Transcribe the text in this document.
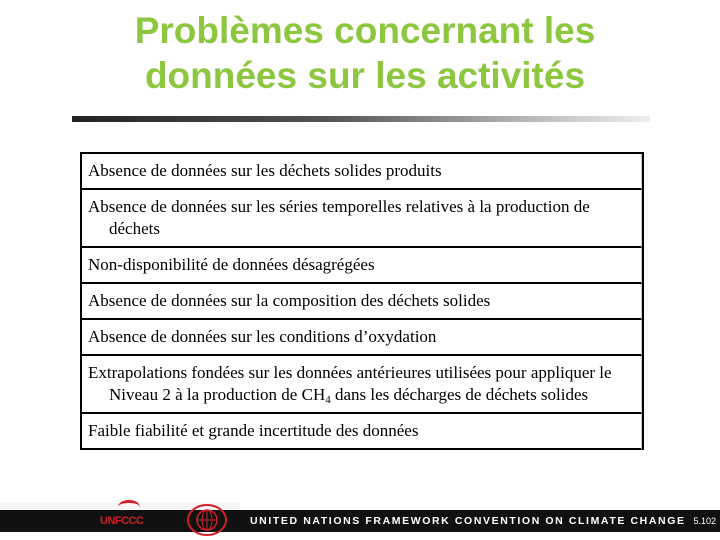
Problèmes concernant les
données sur les activités
Absence de données sur les déchets solides produits
Absence de données sur les séries temporelles relatives à la production de déchets
Non-disponibilité de données désagrégées
Absence de données sur la composition des déchets solides
Absence de données sur les conditions d’oxydation
Extrapolations fondées sur les données antérieures utilisées pour appliquer le Niveau 2 à la production de $CH_4$ dans les décharges de déchets solides
Faible fiabilité et grande incertitude des données
UNFCCC	UNITED NATIONS FRAMEWORK CONVENTION ON CLIMATE CHANGE 5.102
